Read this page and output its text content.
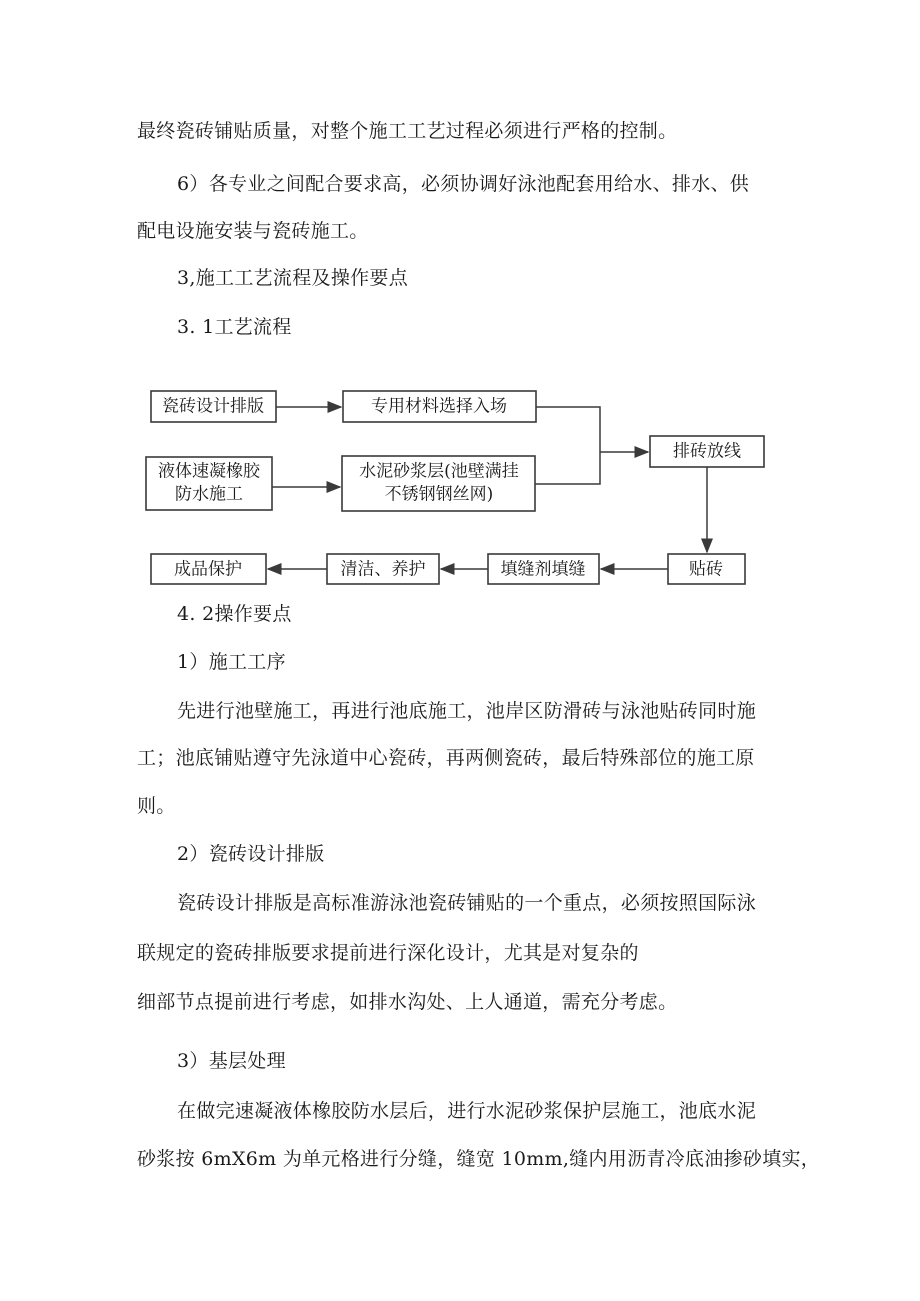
最终瓷砖铺贴质量，对整个施工工艺过程必须进行严格的控制。
6）各专业之间配合要求高，必须协调好泳池配套用给水、排水、供
配电设施安装与瓷砖施工。
3,施工工艺流程及操作要点
3. 1工艺流程
瓷砖设计排版	专用材料选择入场
液体速凝橡胶
防水施工
水泥砂浆层(池壁满挂
不锈钢钢丝网)
排砖放线
贴砖
填缝剂填缝
清洁、养护
成品保护
4. 2操作要点
1）施工工序
先进行池壁施工，再进行池底施工，池岸区防滑砖与泳池贴砖同时施
工；池底铺贴遵守先泳道中心瓷砖，再两侧瓷砖，最后特殊部位的施工原
则。
2）瓷砖设计排版
瓷砖设计排版是高标准游泳池瓷砖铺贴的一个重点，必须按照国际泳
联规定的瓷砖排版要求提前进行深化设计，尤其是对复杂的
细部节点提前进行考虑，如排水沟处、上人通道，需充分考虑。
3）基层处理
在做完速凝液体橡胶防水层后，进行水泥砂浆保护层施工，池底水泥
砂浆按 6mX6m 为单元格进行分缝，缝宽 10mm,缝内用沥青冷底油掺砂填实，
